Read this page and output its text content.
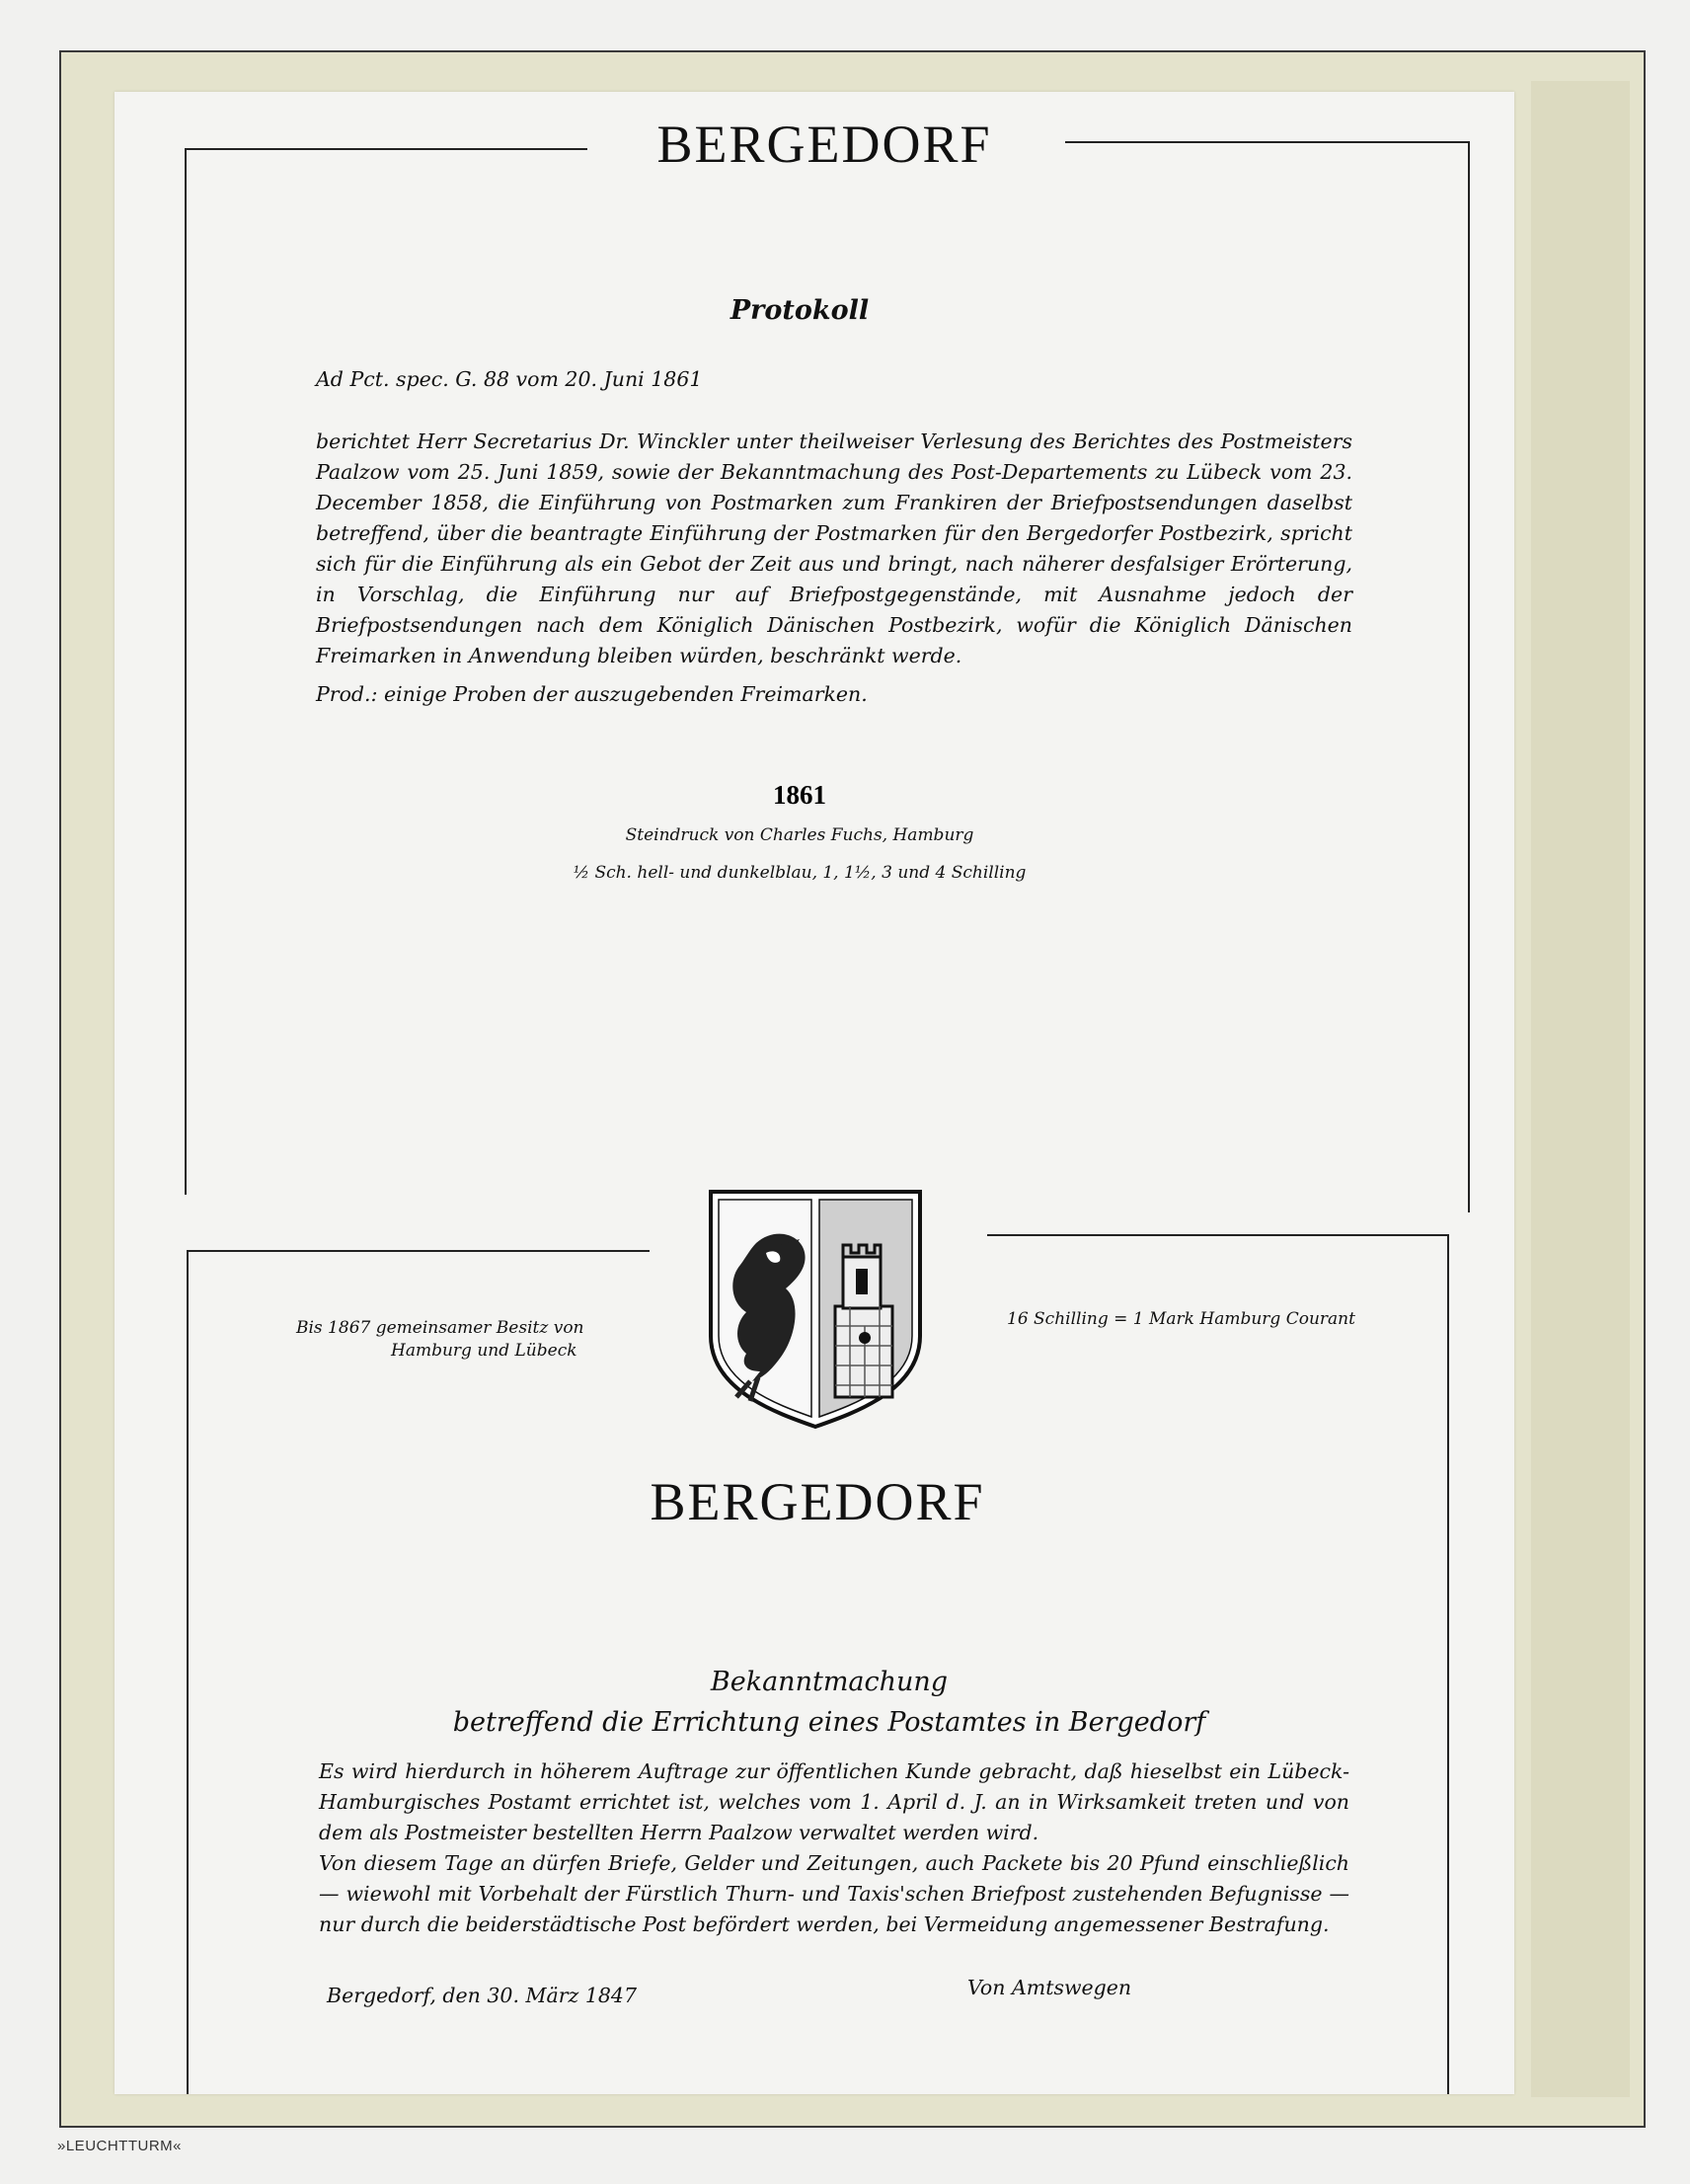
BERGEDORF
Protokoll
Ad Pct. spec. G. 88 vom 20. Juni 1861
berichtet Herr Secretarius Dr. Winckler unter theilweiser Verlesung des Berichtes des Postmeisters Paalzow vom 25. Juni 1859, sowie der Bekanntmachung des Post-Departements zu Lübeck vom 23. December 1858, die Einführung von Postmarken zum Frankiren der Briefpostsendungen daselbst betreffend, über die beantragte Einführung der Postmarken für den Bergedorfer Postbezirk, spricht sich für die Einführung als ein Gebot der Zeit aus und bringt, nach näherer desfalsiger Erörterung, in Vorschlag, die Einführung nur auf Briefpostgegenstände, mit Ausnahme jedoch der Briefpostsendungen nach dem Königlich Dänischen Postbezirk, wofür die Königlich Dänischen Freimarken in Anwendung bleiben würden, beschränkt werde.
Prod.: einige Proben der auszugebenden Freimarken.
1861
Steindruck von Charles Fuchs, Hamburg
½ Sch. hell- und dunkelblau, 1, 1½, 3 und 4 Schilling
Bis 1867 gemeinsamer Besitz von
Hamburg und Lübeck
16 Schilling = 1 Mark Hamburg Courant
BERGEDORF
Bekanntmachung
betreffend die Errichtung eines Postamtes in Bergedorf
Es wird hierdurch in höherem Auftrage zur öffentlichen Kunde gebracht, daß hieselbst ein Lübeck-Hamburgisches Postamt errichtet ist, welches vom 1. April d. J. an in Wirksamkeit treten und von dem als Postmeister bestellten Herrn Paalzow verwaltet werden wird.
Von diesem Tage an dürfen Briefe, Gelder und Zeitungen, auch Packete bis 20 Pfund einschließlich — wiewohl mit Vorbehalt der Fürstlich Thurn- und Taxis'schen Briefpost zustehenden Befugnisse — nur durch die beiderstädtische Post befördert werden, bei Vermeidung angemessener Bestrafung.
Bergedorf, den 30. März 1847	Von Amtswegen
»LEUCHTTURM«
